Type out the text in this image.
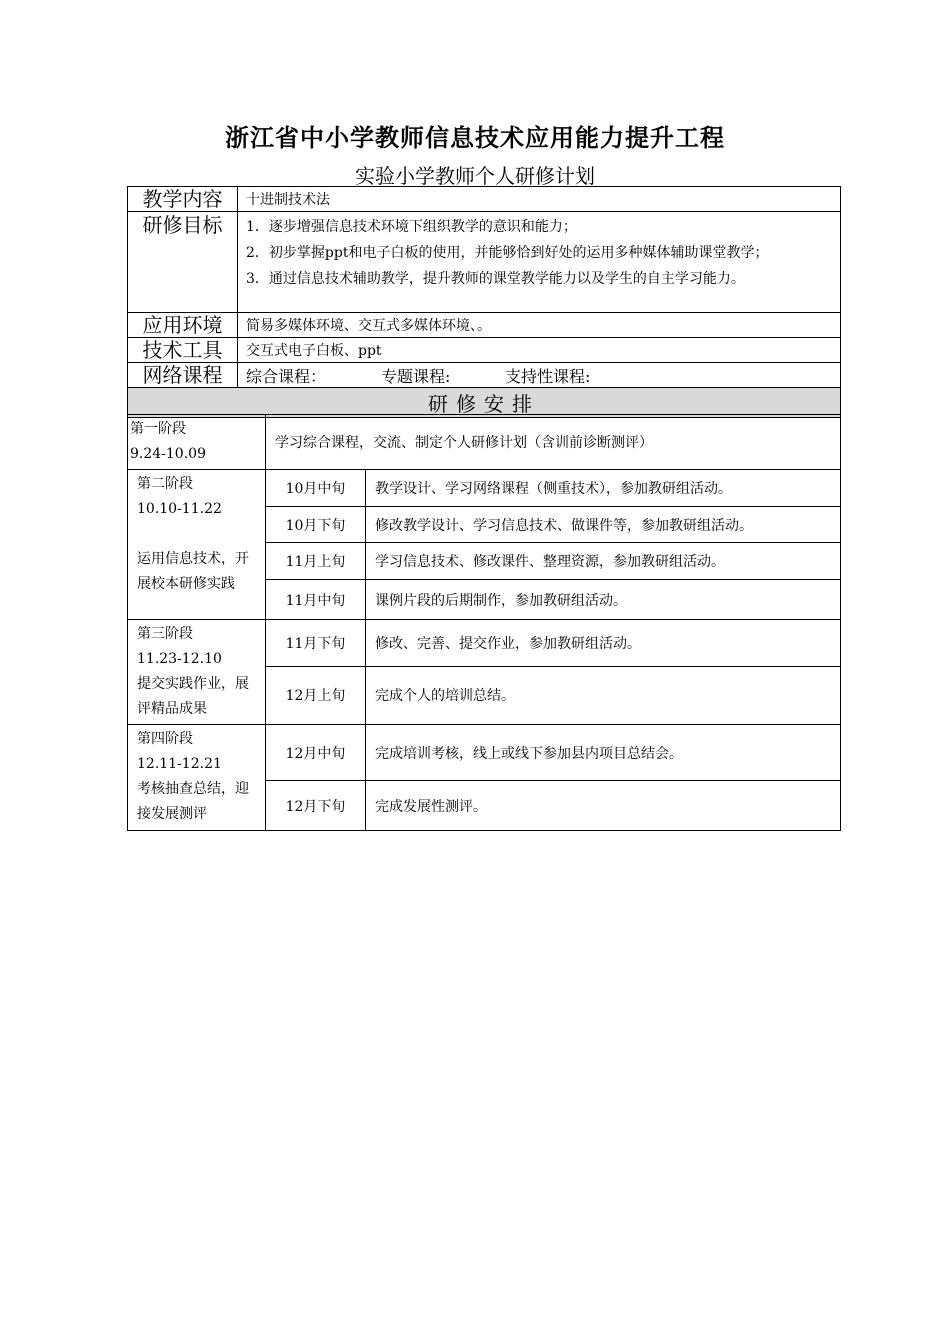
浙江省中小学教师信息技术应用能力提升工程
实验小学教师个人研修计划
教学内容	十进制技术法
研修目标	1．逐步增强信息技术环境下组织教学的意识和能力；
2．初步掌握ppt和电子白板的使用，并能够恰到好处的运用多种媒体辅助课堂教学；
3．通过信息技术辅助教学，提升教师的课堂教学能力以及学生的自主学习能力。

应用环境	简易多媒体环境、交互式多媒体环境、。
技术工具	交互式电子白板、ppt
网络课程	综合课程： 专题课程: 支持性课程:
研修安排	
第一阶段
9.24-10.09	学习综合课程，交流、制定个人研修计划（含训前诊断测评）	

第二阶段
10.10-11.22
运用信息技术，开展校本研修实践	10月中旬	教学设计、学习网络课程（侧重技术），参加教研组活动。
	10月下旬	修改教学设计、学习信息技术、做课件等，参加教研组活动。
	11月上旬	学习信息技术、修改课件、整理资源，参加教研组活动。
	11月中旬	课例片段的后期制作，参加教研组活动。

第三阶段
11.23-12.10
提交实践作业，展评精品成果	11月下旬	修改、完善、提交作业，参加教研组活动。
	12月上旬	完成个人的培训总结。

第四阶段
12.11-12.21
考核抽查总结，迎接发展测评	12月中旬	完成培训考核，线上或线下参加县内项目总结会。
	12月下旬	完成发展性测评。
